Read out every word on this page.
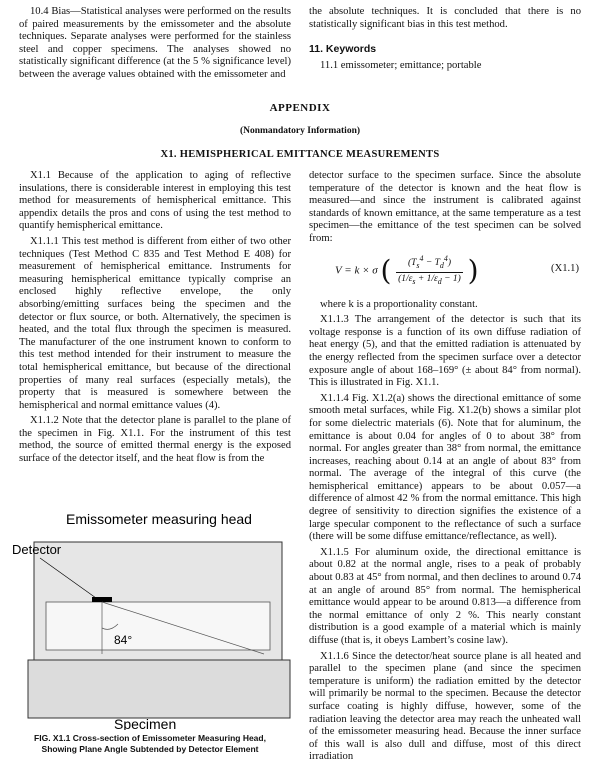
10.4 Bias—Statistical analyses were performed on the results of paired measurements by the emissometer and the absolute techniques. Separate analyses were performed for the stainless steel and copper specimens. The analyses showed no statistically significant difference (at the 5 % significance level) between the average values obtained with the emissometer and

the absolute techniques. It is concluded that there is no statistically significant bias in this test method.

11. Keywords

11.1 emissometer; emittance; portable

APPENDIX
(Nonmandatory Information)
X1. HEMISPHERICAL EMITTANCE MEASUREMENTS

X1.1 Because of the application to aging of reflective insulations, there is considerable interest in employing this test method for measurements of hemispherical emittance. This appendix details the pros and cons of using the test method to quantify hemispherical emittance.

X1.1.1 This test method is different from either of two other techniques (Test Method C 835 and Test Method E 408) for measurement of hemispherical emittance. Instruments for measuring hemispherical emittance typically comprise an enclosed highly reflective envelope, the only absorbing/emitting surfaces being the specimen and the detector or flux source, or both. Alternatively, the specimen is heated, and the total flux through the specimen is measured. The manufacturer of the one instrument known to conform to this test method intended for their instrument to measure the total hemispherical emittance, but because of the directional properties of many real surfaces (especially metals), the property that is measured is somewhere between the hemispherical and normal emittance values (4).

X1.1.2 Note that the detector plane is parallel to the plane of the specimen in Fig. X1.1. For the instrument of this test method, the source of emitted thermal energy is the exposed surface of the detector itself, and the heat flow is from the

detector surface to the specimen surface. Since the absolute temperature of the detector is known and the heat flow is measured—and since the instrument is calibrated against standards of known emittance, at the same temperature as a test specimen—the emittance of the test specimen can be solved from:

V = k × σ ( $\frac{(T_s^4 - T_d^4)}{(1/\varepsilon_s + 1/\varepsilon_d - 1)}$ )	(X1.1)

where k is a proportionality constant.

X1.1.3 The arrangement of the detector is such that its voltage response is a function of its own diffuse radiation of heat energy (5), and that the emitted radiation is attenuated by the energy reflected from the specimen surface over a detector exposure angle of about 168–169° (± about 84° from normal). This is illustrated in Fig. X1.1.

X1.1.4 Fig. X1.2(a) shows the directional emittance of some smooth metal surfaces, while Fig. X1.2(b) shows a similar plot for some dielectric materials (6). Note that for aluminum, the emittance is about 0.04 for angles of 0 to about 38° from normal. For angles greater than 38° from normal, the emittance increases, reaching about 0.14 at an angle of about 83° from normal. The average of the integral of this curve (the hemispherical emittance) appears to be about 0.057—a difference of almost 42 % from the normal emittance. This high degree of sensitivity to direction signifies the existence of a large specular component to the reflectance of such a surface (there will be some diffuse emittance/reflectance, as well).

X1.1.5 For aluminum oxide, the directional emittance is about 0.82 at the normal angle, rises to a peak of probably about 0.83 at 45° from normal, and then declines to around 0.74 at an angle of around 85° from normal. The hemispherical emittance would appear to be around 0.813—a difference from the normal emittance of only 2 %. This nearly constant distribution is a good example of a material which is mainly diffuse (that is, it obeys Lambert’s cosine law).

X1.1.6 Since the detector/heat source plane is all heated and parallel to the specimen plane (and since the specimen temperature is uniform) the radiation emitted by the detector will primarily be normal to the specimen. Because the detector surface coating is highly diffuse, however, some of the radiation leaving the detector area may reach the unheated wall of the emissometer measuring head. Because the inner surface of this wall is also dull and diffuse, most of this direct irradiation

Emissometer measuring head
Detector
84°
Specimen
FIG. X1.1 Cross-section of Emissometer Measuring Head,
Showing Plane Angle Subtended by Detector Element
